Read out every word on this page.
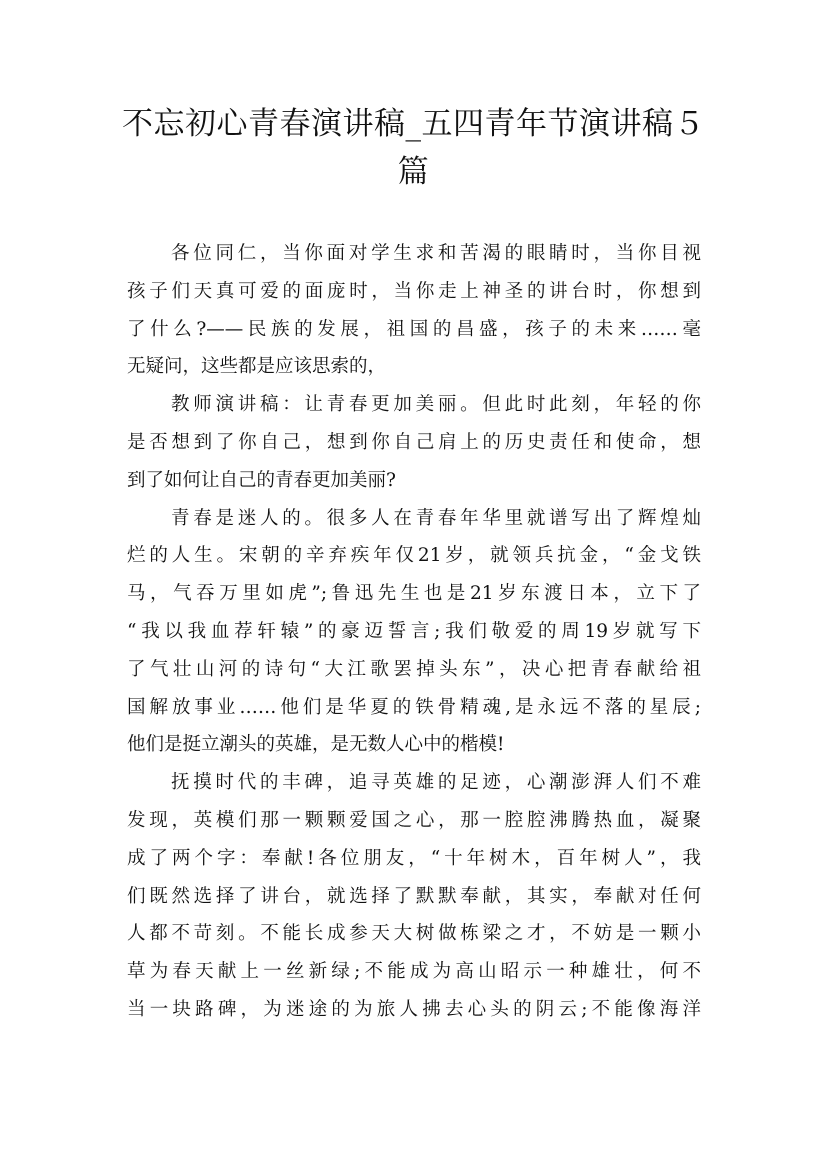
不忘初心青春演讲稿_五四青年节演讲稿５
篇
各位同仁，当你面对学生求和苦渴的眼睛时，当你目视
孩子们天真可爱的面庞时，当你走上神圣的讲台时，你想到
了什么?——民族的发展，祖国的昌盛，孩子的未来……毫
无疑问，这些都是应该思索的，
教师演讲稿：让青春更加美丽。但此时此刻，年轻的你
是否想到了你自己，想到你自己肩上的历史责任和使命，想
到了如何让自己的青春更加美丽?
青春是迷人的。很多人在青春年华里就谱写出了辉煌灿
烂的人生。宋朝的辛弃疾年仅21岁，就领兵抗金，“金戈铁
马，气吞万里如虎”;鲁迅先生也是21岁东渡日本，立下了
“我以我血荐轩辕”的豪迈誓言;我们敬爱的周19岁就写下
了气壮山河的诗句“大江歌罢掉头东”，决心把青春献给祖
国解放事业……他们是华夏的铁骨精魂,是永远不落的星辰;
他们是挺立潮头的英雄，是无数人心中的楷模!
抚摸时代的丰碑，追寻英雄的足迹，心潮澎湃人们不难
发现，英模们那一颗颗爱国之心，那一腔腔沸腾热血，凝聚
成了两个字：奉献!各位朋友，“十年树木，百年树人”，我
们既然选择了讲台，就选择了默默奉献，其实，奉献对任何
人都不苛刻。不能长成参天大树做栋梁之才，不妨是一颗小
草为春天献上一丝新绿;不能成为高山昭示一种雄壮，何不
当一块路碑，为迷途的为旅人拂去心头的阴云;不能像海洋
